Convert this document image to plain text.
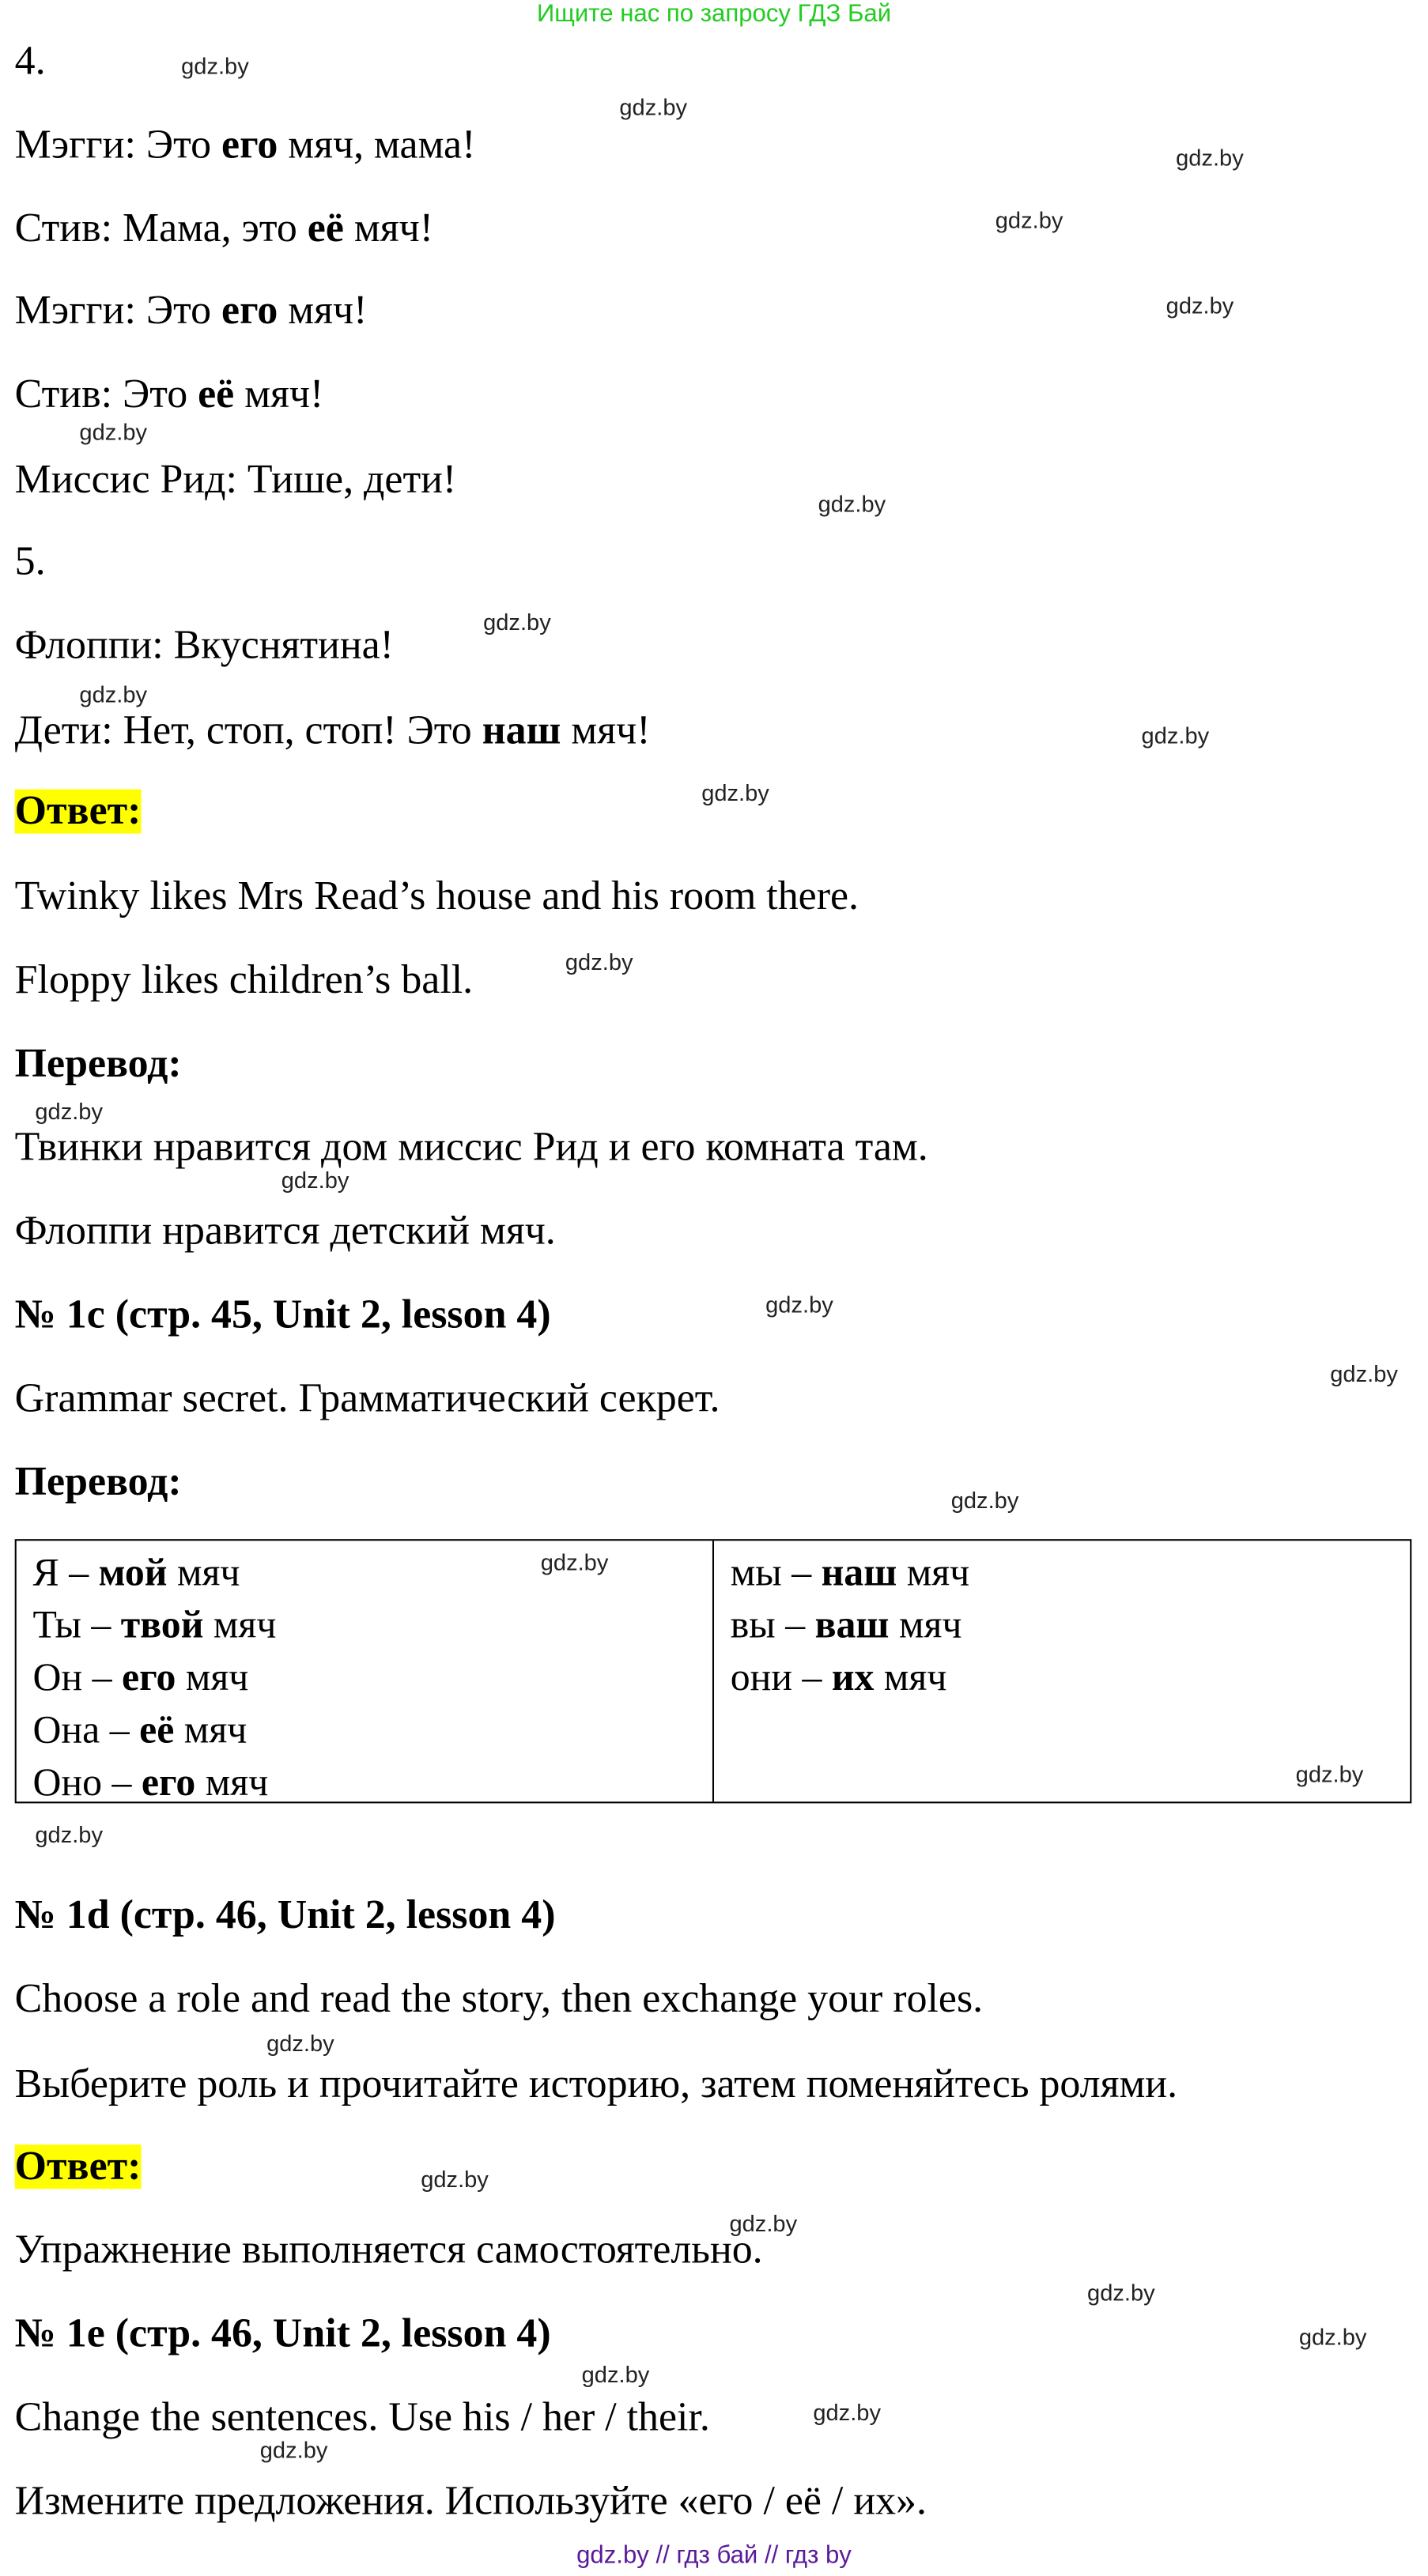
Ищите нас по запросу ГДЗ Бай
4.
Мэгги: Это его мяч, мама!
Стив: Мама, это её мяч!
Мэгги: Это его мяч!
Стив: Это её мяч!
Миссис Рид: Тише, дети!
5.
Флоппи: Вкуснятина!
Дети: Нет, стоп, стоп! Это наш мяч!
Ответ:
Twinky likes Mrs Read’s house and his room there.
Floppy likes children’s ball.
Перевод:
Твинки нравится дом миссис Рид и его комната там.
Флоппи нравится детский мяч.
№ 1c (стр. 45, Unit 2, lesson 4)
Grammar secret. Грамматический секрет.
Перевод:
№ 1d (стр. 46, Unit 2, lesson 4)
Choose a role and read the story, then exchange your roles.
Выберите роль и прочитайте историю, затем поменяйтесь ролями.
Ответ:
Упражнение выполняется самостоятельно.
№ 1e (стр. 46, Unit 2, lesson 4)
Change the sentences. Use his / her / their.
Измените предложения. Используйте «его / её / их».
Я – мой мяч
Ты – твой мяч
Он – его мяч
Она – её мяч
Оно – его мяч
мы – наш мяч
вы – ваш мяч
они – их мяч
gdz.by
gdz.by
gdz.by
gdz.by
gdz.by
gdz.by
gdz.by
gdz.by
gdz.by
gdz.by
gdz.by
gdz.by
gdz.by
gdz.by
gdz.by
gdz.by
gdz.by
gdz.by
gdz.by
gdz.by
gdz.by
gdz.by
gdz.by
gdz.by
gdz.by
gdz.by
gdz.by
gdz.by
gdz.by // гдз бай // гдз by
